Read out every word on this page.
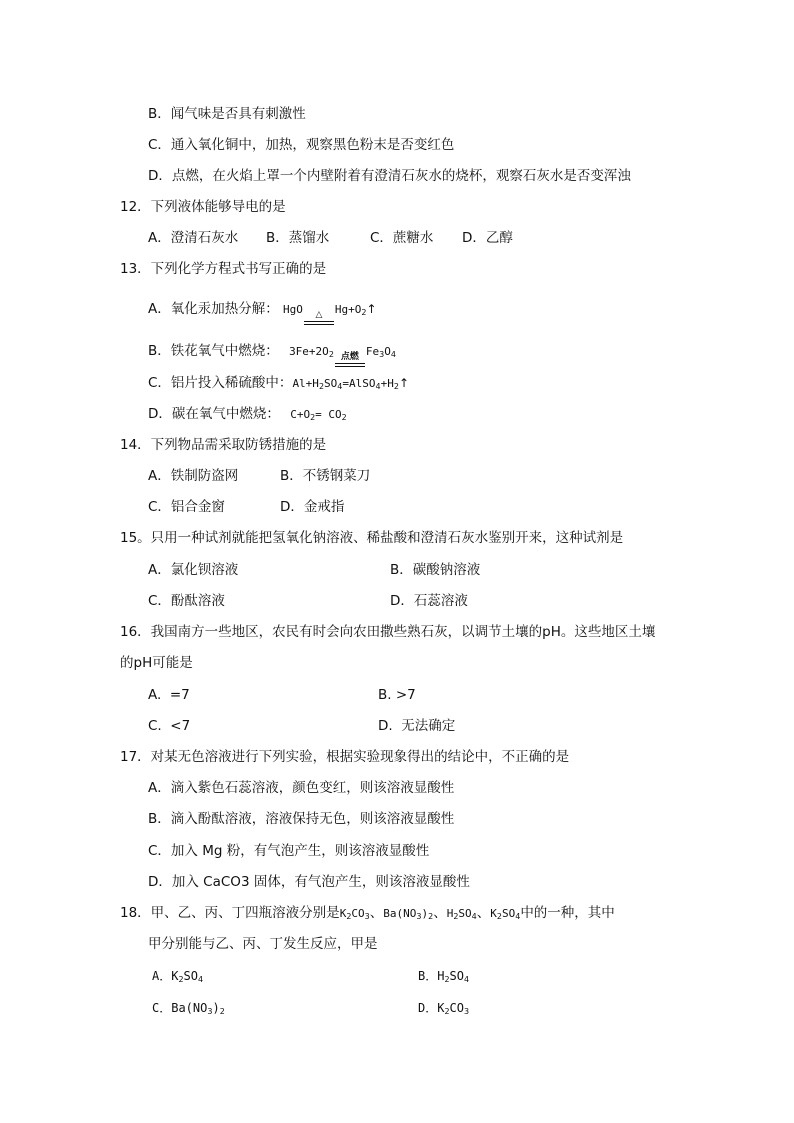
B．闻气味是否具有刺激性
C．通入氧化铜中，加热，观察黑色粉末是否变红色
D．点燃，在火焰上罩一个内壁附着有澄清石灰水的烧杯，观察石灰水是否变浑浊
12．下列液体能够导电的是
A．澄清石灰水 B．蒸馏水	C．蔗糖水 D．乙醇
13．下列化学方程式书写正确的是
A．氧化汞加热分解： HgO △ $Hg+O_2↑$
B．铁花氧气中燃烧： $3Fe+2O_2$ 点燃 $Fe_3O_4$
C．铝片投入稀硫酸中：$Al+H_2SO_4=AlSO_4+H_2↑$
D．碳在氧气中燃烧： $C+O_2= CO_2$
14．下列物品需采取防锈措施的是
A．铁制防盗网	B．不锈钢菜刀
C．铝合金窗	D．金戒指
15。只用一种试剂就能把氢氧化钠溶液、稀盐酸和澄清石灰水鉴别开来，这种试剂是
A．氯化钡溶液	B．碳酸钠溶液
C．酚酞溶液	D．石蕊溶液
16．我国南方一些地区，农民有时会向农田撒些熟石灰，以调节土壤的pH。这些地区土壤
的pH可能是
A.  =7	B. >7
C.  <7	D.  无法确定
17．对某无色溶液进行下列实验，根据实验现象得出的结论中，不正确的是
A．滴入紫色石蕊溶液，颜色变红，则该溶液显酸性
B．滴入酚酞溶液，溶液保持无色，则该溶液显酸性
C．加入 Mg 粉，有气泡产生，则该溶液显酸性
D．加入 CaCO3 固体，有气泡产生，则该溶液显酸性
18．甲、乙、丙、丁四瓶溶液分别是$K_2CO_3$、$Ba(NO_3)_2$、$H_2SO_4$、$K_2SO_4$中的一种，其中
甲分别能与乙、丙、丁发生反应，甲是
A．$K_2SO_4$	B．$H_2SO_4$
C．$Ba(NO_3)_2$	D．$K_2CO_3$
